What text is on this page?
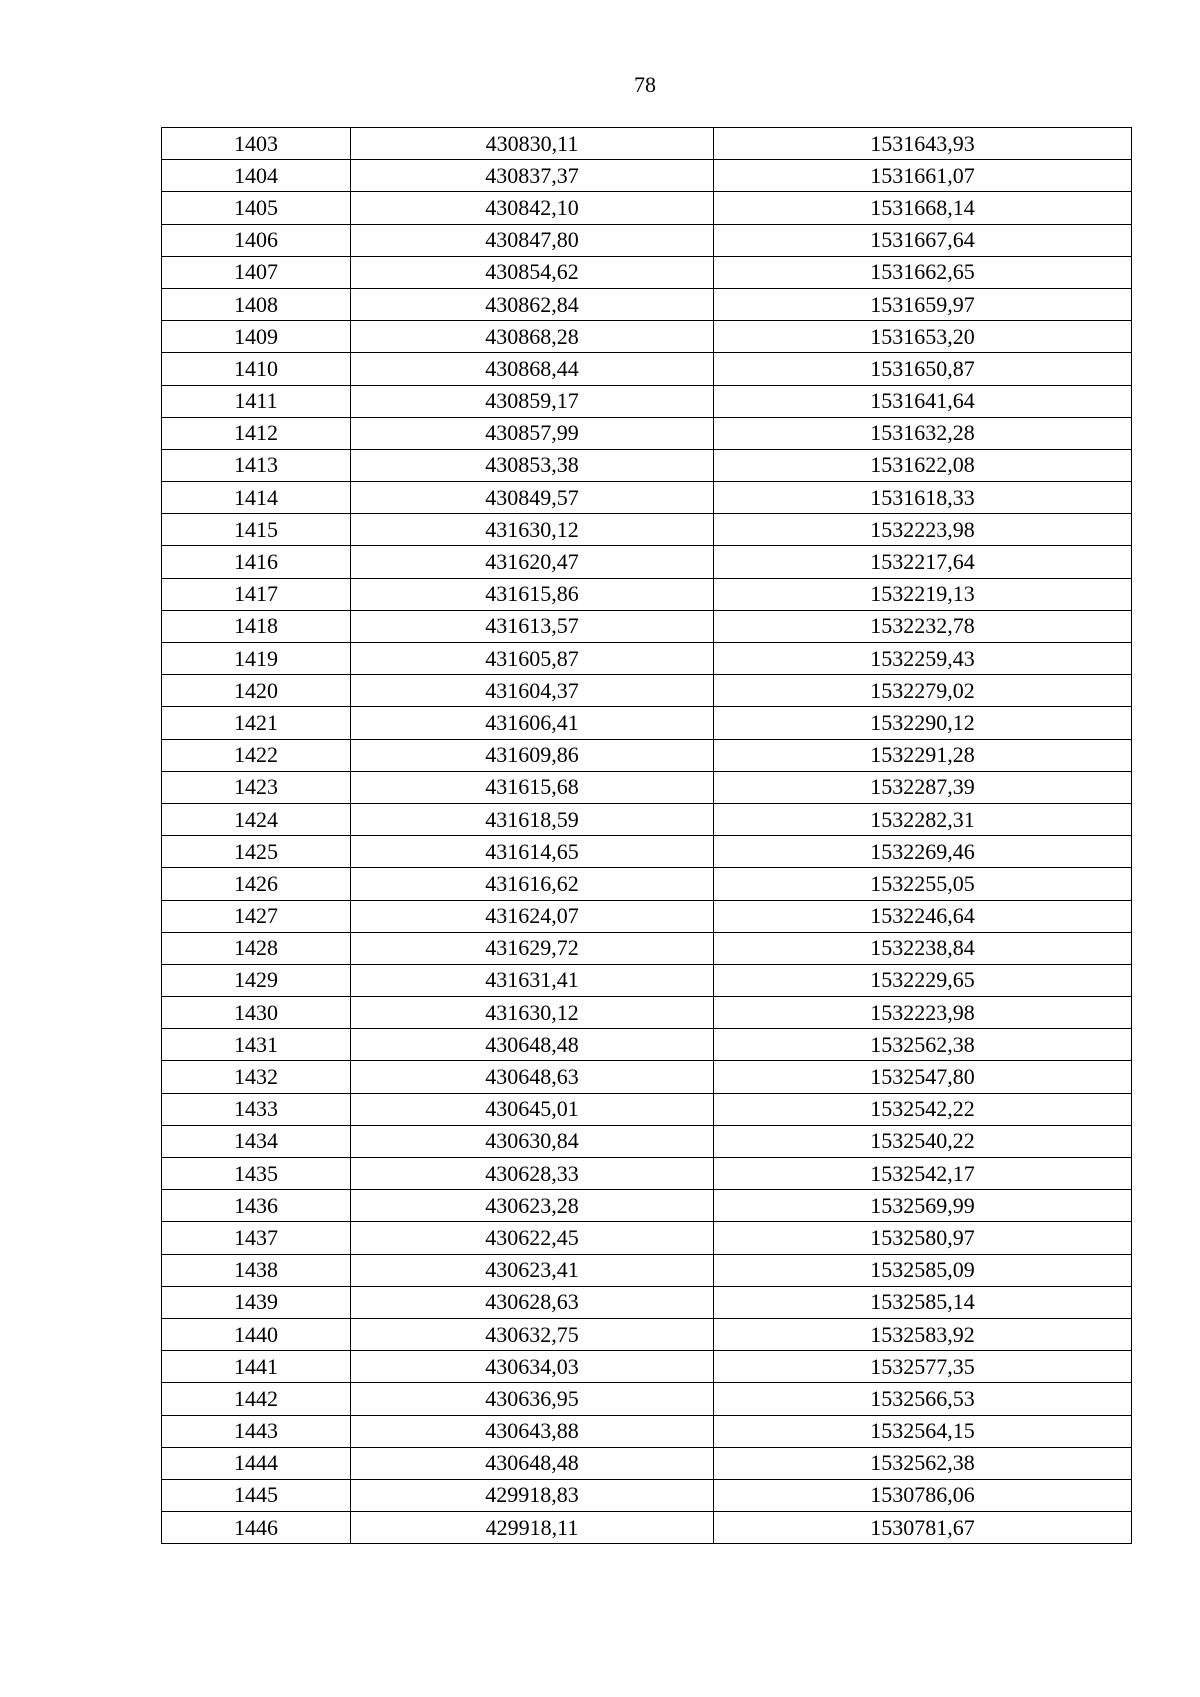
78
1403	430830,11	1531643,93
1404	430837,37	1531661,07
1405	430842,10	1531668,14
1406	430847,80	1531667,64
1407	430854,62	1531662,65
1408	430862,84	1531659,97
1409	430868,28	1531653,20
1410	430868,44	1531650,87
1411	430859,17	1531641,64
1412	430857,99	1531632,28
1413	430853,38	1531622,08
1414	430849,57	1531618,33
1415	431630,12	1532223,98
1416	431620,47	1532217,64
1417	431615,86	1532219,13
1418	431613,57	1532232,78
1419	431605,87	1532259,43
1420	431604,37	1532279,02
1421	431606,41	1532290,12
1422	431609,86	1532291,28
1423	431615,68	1532287,39
1424	431618,59	1532282,31
1425	431614,65	1532269,46
1426	431616,62	1532255,05
1427	431624,07	1532246,64
1428	431629,72	1532238,84
1429	431631,41	1532229,65
1430	431630,12	1532223,98
1431	430648,48	1532562,38
1432	430648,63	1532547,80
1433	430645,01	1532542,22
1434	430630,84	1532540,22
1435	430628,33	1532542,17
1436	430623,28	1532569,99
1437	430622,45	1532580,97
1438	430623,41	1532585,09
1439	430628,63	1532585,14
1440	430632,75	1532583,92
1441	430634,03	1532577,35
1442	430636,95	1532566,53
1443	430643,88	1532564,15
1444	430648,48	1532562,38
1445	429918,83	1530786,06
1446	429918,11	1530781,67
